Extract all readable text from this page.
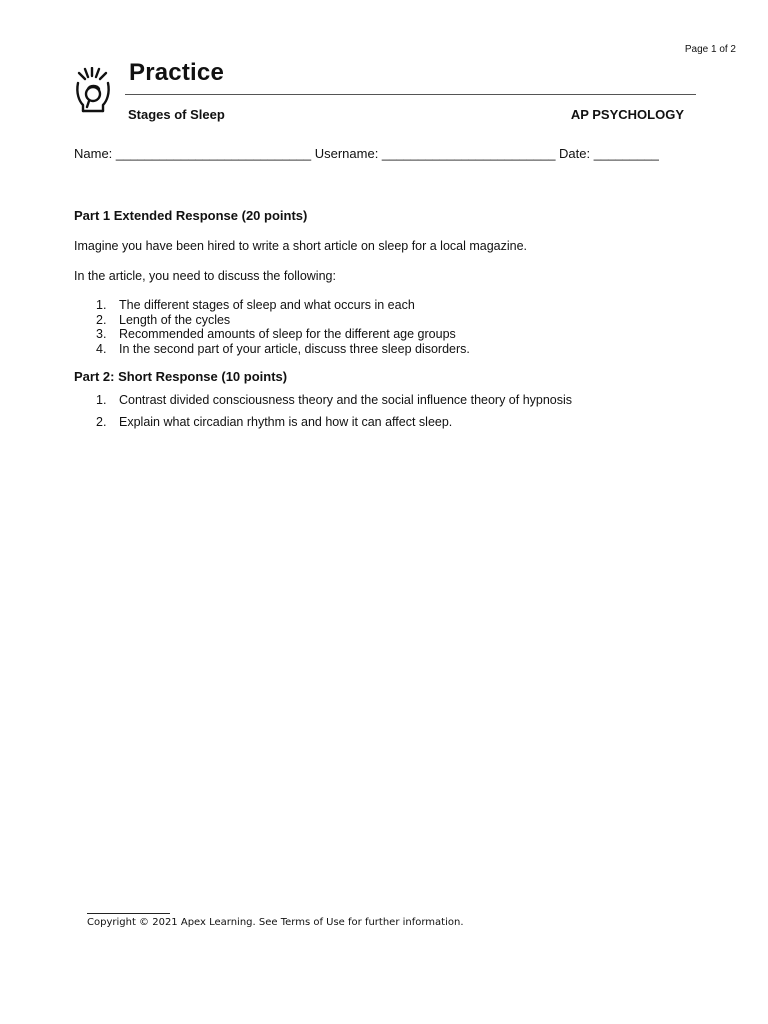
Page 1 of 2
Practice
Stages of Sleep	AP PSYCHOLOGY
Name: ___________________________ Username: ________________________ Date: _________
Part 1 Extended Response (20 points)
Imagine you have been hired to write a short article on sleep for a local magazine.
In the article, you need to discuss the following:
1. The different stages of sleep and what occurs in each
2. Length of the cycles
3. Recommended amounts of sleep for the different age groups
4. In the second part of your article, discuss three sleep disorders.
Part 2: Short Response (10 points)
1. Contrast divided consciousness theory and the social influence theory of hypnosis
2. Explain what circadian rhythm is and how it can affect sleep.
Copyright © 2021 Apex Learning. See Terms of Use for further information.
